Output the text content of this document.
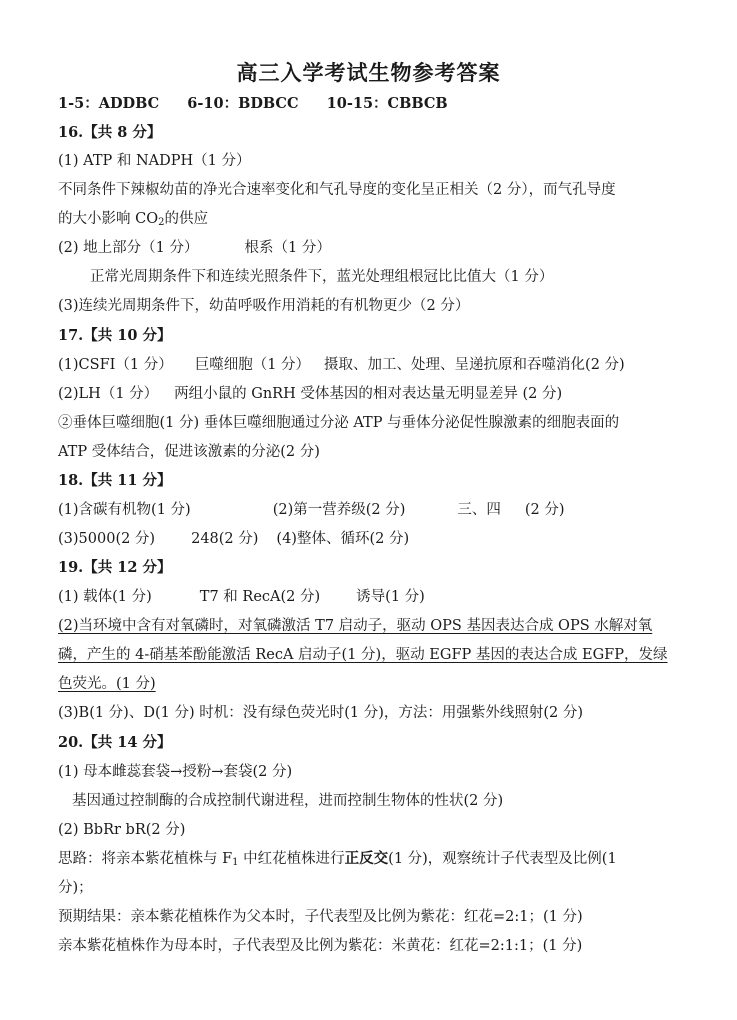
高三入学考试生物参考答案
1-5：ADDBC 6-10：BDBCC 10-15：CBBCB
16.【共 8 分】
(1) ATP 和 NADPH（1 分）
不同条件下辣椒幼苗的净光合速率变化和气孔导度的变化呈正相关（2 分），而气孔导度
的大小影响 $CO_2$的供应
(2) 地上部分（1 分）	根系（1 分）
正常光周期条件下和连续光照条件下，蓝光处理组根冠比比值大（1 分）
(3)连续光周期条件下，幼苗呼吸作用消耗的有机物更少（2 分）
17.【共 10 分】
(1)CSFI（1 分） 巨噬细胞（1 分） 摄取、加工、处理、呈递抗原和吞噬消化(2 分)
(2)LH（1 分） 两组小鼠的 GnRH 受体基因的相对表达量无明显差异 (2 分)
②垂体巨噬细胞(1 分) 垂体巨噬细胞通过分泌 ATP 与垂体分泌促性腺激素的细胞表面的
ATP 受体结合，促进该激素的分泌(2 分)
18.【共 11 分】
(1)含碳有机物(1 分)	(2)第一营养级(2 分)	三、四 (2 分)
(3)5000(2 分) 248(2 分) (4)整体、循环(2 分)
19.【共 12 分】
(1) 载体(1 分)	T7 和 RecA(2 分) 诱导(1 分)
(2)当环境中含有对氧磷时，对氧磷激活 T7 启动子，驱动 OPS 基因表达合成 OPS 水解对氧
磷，产生的 4-硝基苯酚能激活 RecA 启动子(1 分)，驱动 EGFP 基因的表达合成 EGFP，发绿
色荧光。(1 分)
(3)B(1 分)、D(1 分) 时机：没有绿色荧光时(1 分)，方法：用强紫外线照射(2 分)
20.【共 14 分】
(1) 母本雌蕊套袋→授粉→套袋(2 分)
基因通过控制酶的合成控制代谢进程，进而控制生物体的性状(2 分)
(2) BbRr bR(2 分)
思路：将亲本紫花植株与 $F_1$ 中红花植株进行正反交(1 分)，观察统计子代表型及比例(1
分)；
预期结果：亲本紫花植株作为父本时，子代表型及比例为紫花：红花=2:1；(1 分)
亲本紫花植株作为母本时，子代表型及比例为紫花：米黄花：红花=2:1:1；(1 分)
